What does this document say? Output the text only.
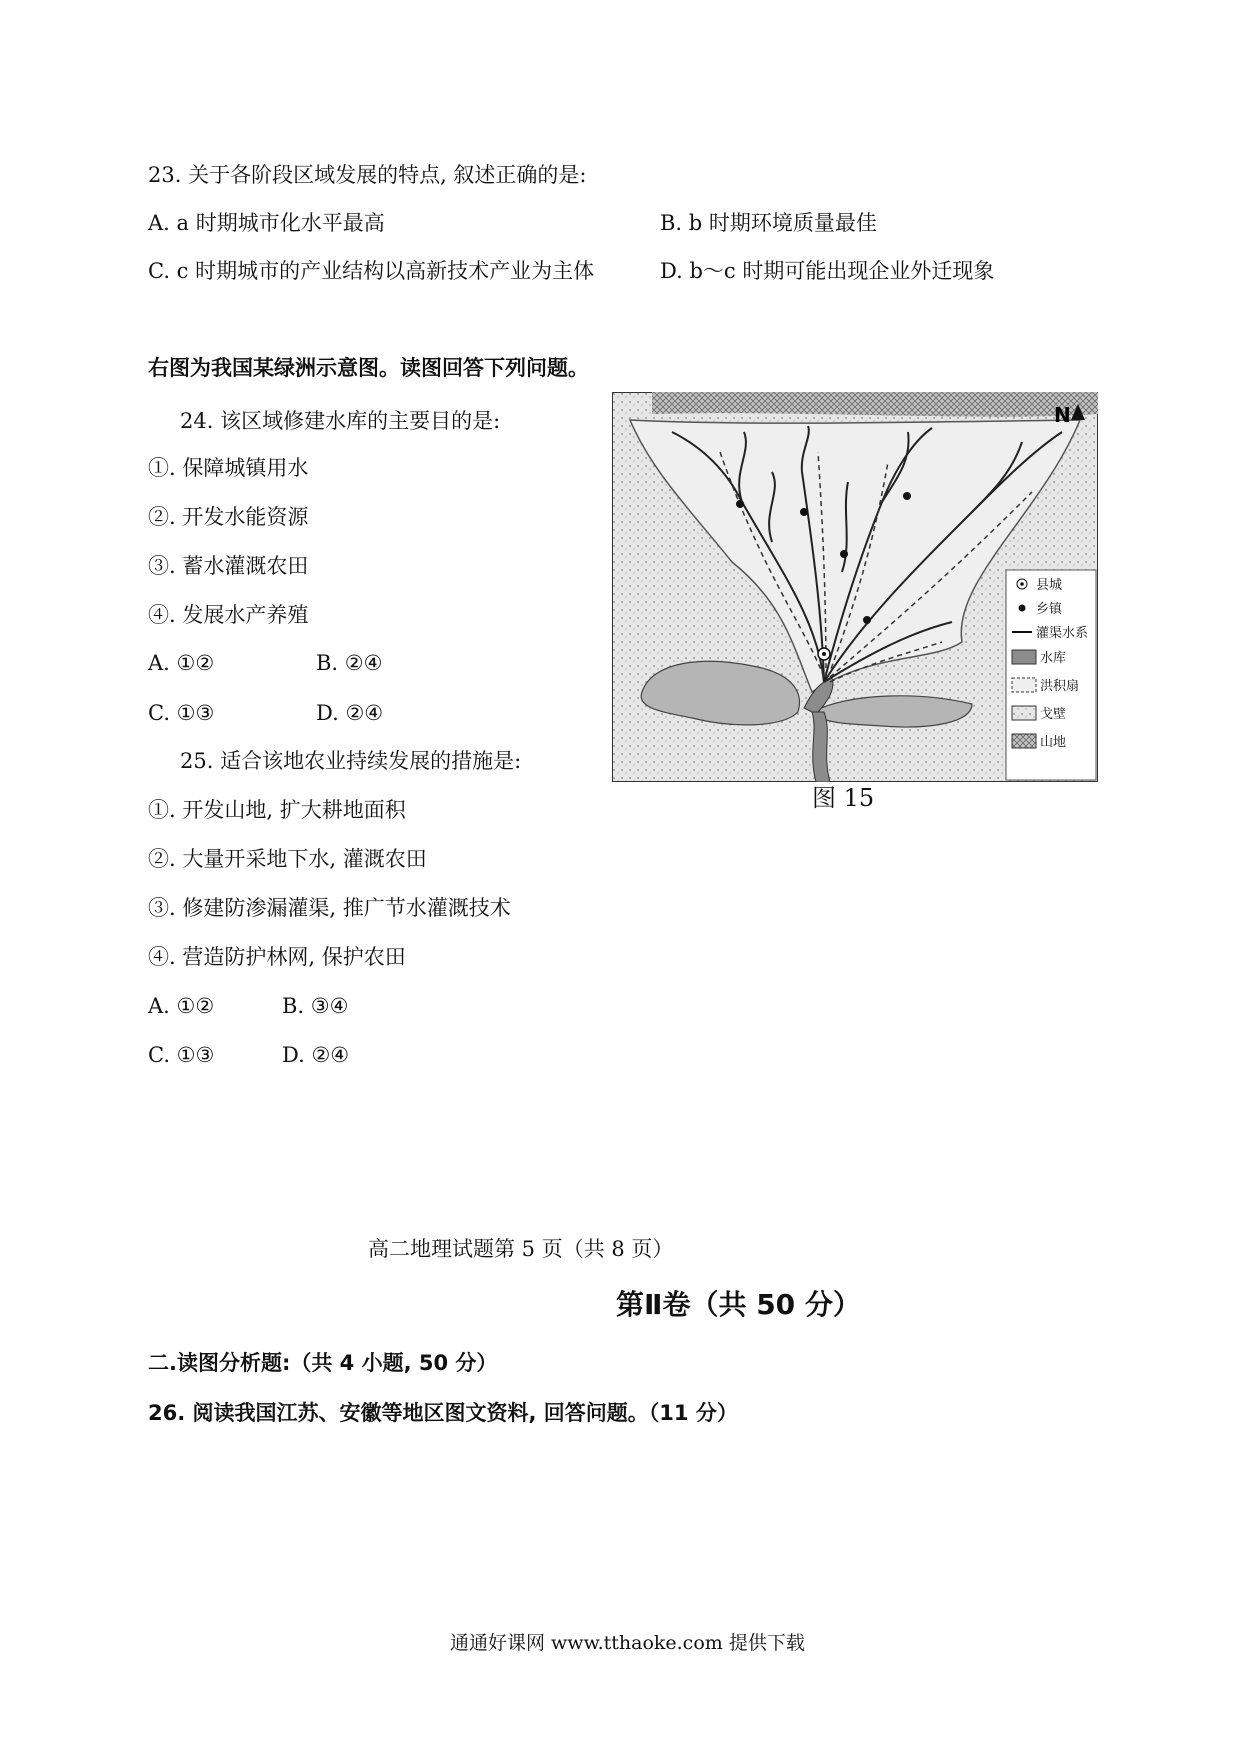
23. 关于各阶段区域发展的特点, 叙述正确的是:
A. a 时期城市化水平最高	B. b 时期环境质量最佳
C. c 时期城市的产业结构以高新技术产业为主体	D. b～c 时期可能出现企业外迁现象
右图为我国某绿洲示意图。读图回答下列问题。
24. 该区域修建水库的主要目的是:
①. 保障城镇用水
②. 开发水能资源
③. 蓄水灌溉农田
④. 发展水产养殖
A. ①②	B. ②④
C. ①③	D. ②④
25. 适合该地农业持续发展的措施是:
①. 开发山地, 扩大耕地面积
②. 大量开采地下水, 灌溉农田
③. 修建防渗漏灌渠, 推广节水灌溉技术
④. 营造防护林网, 保护农田
A. ①②	B. ③④
C. ①③	D. ②④
N
县城
乡镇
灌渠水系
水库
洪积扇
戈壁
山地
图 15
高二地理试题第 5 页（共 8 页）
第Ⅱ卷（共 50 分）
二.读图分析题:（共 4 小题, 50 分）
26. 阅读我国江苏、安徽等地区图文资料, 回答问题。（11 分）
通通好课网 www.tthaoke.com 提供下载
